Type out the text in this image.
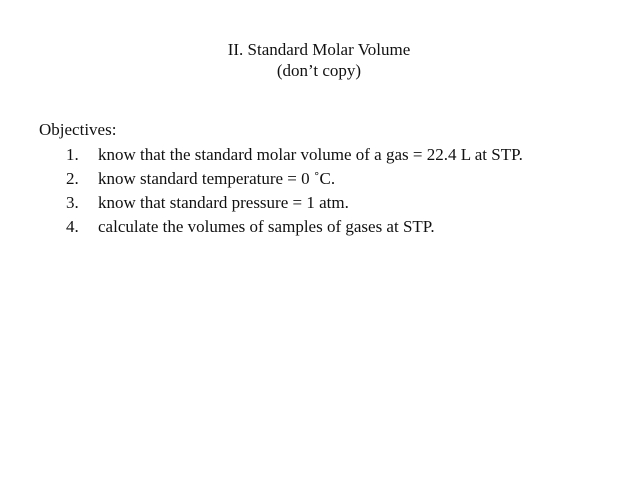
II. Standard Molar Volume
(don’t copy)

Objectives:

1.	know that the standard molar volume of a gas = 22.4 L at STP.
2.	know standard temperature = 0 ˚C.
3.	know that standard pressure = 1 atm.
4.	calculate the volumes of samples of gases at STP.
